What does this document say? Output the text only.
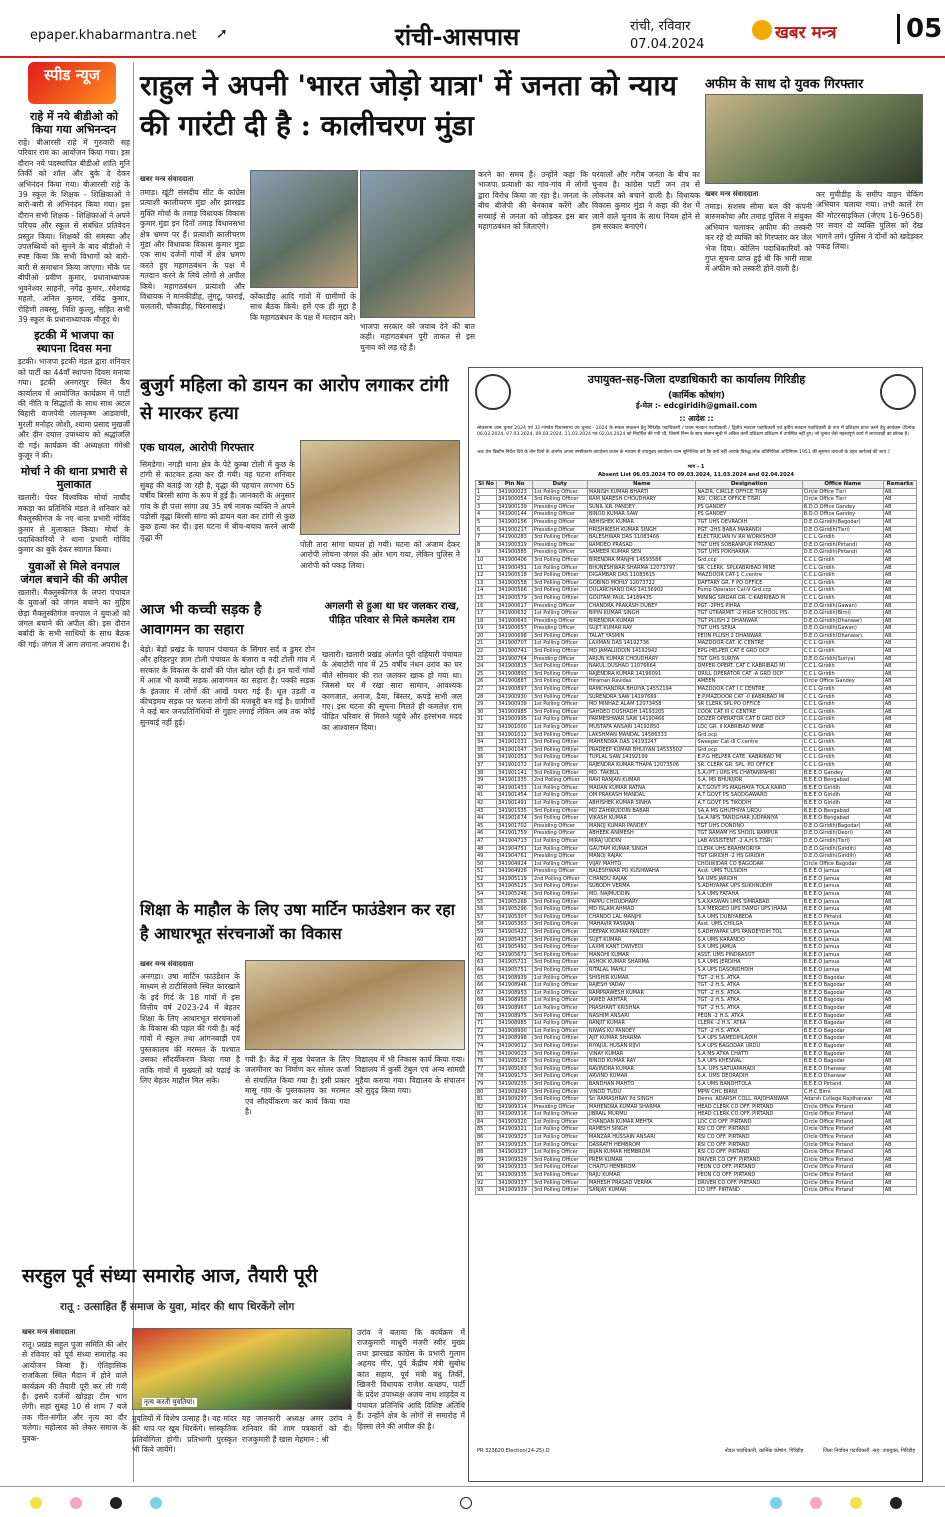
epaper.khabarmantra.net ➚	रांची-आसपास	रांची, रविवार
07.04.2024
खबर मन्त्र	05
स्पीड न्यूज
राहे में नये बीडीओ को किया गया अभिनन्दन

राहे। बीआरसी राहे में गुरुवारी सह परिवार राम का आयोजन किया गया। इस दौरान नये पदस्थापित बीडीओ शांति मुनि तिर्की को शॉल और बुके दे देकर अभिनंदन किया गया। बीआरसी राहे के 39 स्कूल के शिक्षक - शिक्षिकाओं ने बारी-बारी से अभिनंदन किया गया। इस दौरान सभी शिक्षक - शिक्षिकाओं ने अपने परिचय और स्कूल से संबंधित प्रतिवेदन प्रस्तुत किया। शिक्षकों की समस्या और उपलब्धियों को सुनने के बाद बीडीओ ने स्पष्ट किया कि सभी विभागों को बारी-बारी से समाधान किया जाएगा। मौके पर बीपीओ प्रवीण कुमार, प्रधानाध्यापक भुवनेश्वर साहनी, नगेंद्र कुमार, रमेशचंद्र महतो, अनिल कुमार, रविंद्र कुमार, रोहिणी तबस्सु, निशि कुल्लु, सहित सभी 39 स्कूल के प्रधानाध्यापक मौजूद थे।

इटकी में भाजपा का स्थापना दिवस मना

इटकी। भाजपा इटकी मंडल द्वारा शनिवार को पार्टी का 44वाँ स्थापना दिवस मनाया गया। इटकी अनगरपुर स्थित कैंप कार्यालय में आयोजित कार्यक्रम में पार्टी की नीति व सिद्धांतों के साथ साथ अटल बिहारी वाजपेयी लालकृष्ण आडवाणी, मुरली मनोहर जोशी, श्यामा प्रसाद मुखर्जी और दीन दयाल उपाध्याय को श्रद्धांजलि दी गई। कार्यक्रम की अध्यक्षता गंगेश्री कुजूर ने की।

मोर्चा ने की थाना प्रभारी से मुलाकात

खलारी। पेयर विश्वविक मोर्चा नाचौद मकड़ा का प्रतिनिधि मंडल ने शनिवार को मैक्लुस्कीगंज के नए थाना प्रभारी गोविंद कुमार से मुलाकात किया। मोर्चा के पदाधिकारियों ने थाना प्रभारी गोविंद कुमार का बुके देकर स्वागत किया।

युवाओं से मिले वनपाल जंगल बचाने की की अपील

खलारी। मैक्लुस्कीगंज के लपरा पंचायत के युवाओं को जंगल बचाने का मुहिम छेड़ा मैक्लुस्कीगंज वनपाल ने युवाओं को जंगल बचाने की अपील की। इस दौरान बर्बादी के सभी साथियों के साथ बैठक की गई। जंगल में आग लगाना अपराध है।

राहुल ने अपनी 'भारत जोड़ो यात्रा' में जनता को न्याय की गारंटी दी है : कालीचरण मुंडा
खबर मन्त्र संवाददाता
तमाड़। खूंटी संसदीय सीट के कांग्रेस प्रत्याशी कालीचरण मुंडा और झारखंड मुक्ति मोर्चा के तमाड़ विधायक विकास कुमार मुंडा इन दिनों तमाड़ विधानसभा क्षेत्र भ्रमण पर हैं। प्रत्याशी कालीचरण मुंडा और विधायक विकास कुमार मुंडा एक साथ दर्जनों गांवों में क्षेत्र भ्रमण करते हुए महागठबंधन के पक्ष में मतदान करने के लिये लोगों से अपील किये। महागठबंधन प्रत्याशी और विधायक ने मानकीडीह, लुंगटू, फाराई, चलतारी, चौकाडीह, चिरनासाई।
कोंकाडीह आदि गांवों में ग्रामीणों के साथ बैठक किये। हमें एक ही मुद्दा है कि महागठबंधन के पक्ष में मतदान करे।
भाजपा सरकार को जवाब देने की बात कही। महागठबंधन पूरी ताकत से इस चुनाव को लड़ रहे हैं।
करने का समय है। उन्होंने कहा कि भाजपा प्रत्याशी का गांव-गांव में लोगों द्वारा विरोध किया जा रहा है। जनता के बीच बीजेपी की बेनकाब करेंगे और सच्चाई से जनता को जोड़कर इस बार महागठबंधन को जिताएंगे।
घरवालों और गरीब जनता के बीच का चुनाव है। कांग्रेस पार्टी जन तंत्र से लोकतंत्र को बचाने वाली है। विधायक विकास कुमार मुंडा ने कहा की देश में जाने वाले चुनाव के साथ नियम होने से हम सरकार बनाएंगे।
अफीम के साथ दो युवक गिरफ्तार
खबर मन्त्र संवाददाता
तमाड़। सशस्त्र सीमा बल की कंपनी बारुमकोचा और तमाड़ पुलिस ने संयुक्त अभियान चलाकर अफीम की तस्करी कर रहे दो व्यक्ति को गिरफ्तार कर जेल भेज दिया। कोलिन पदाधिकारियों को गुप्त सूचना प्राप्त हुई थी कि भारी मात्रा में अफीम को तस्करी होने वाली है।
कर मुचीडीह के समीप वाहन चेकिंग अभियान चलाया गया। तभी कालें रंग की मोटरसाइकिल (जेएच 16-9658) पर सवार दो व्यक्ति पुलिस को देख भागने लगे। पुलिस ने दोनों को खदेड़कर पकड़ लिया।
बुजुर्ग महिला को डायन का आरोप लगाकर टांगी से मारकर हत्या
एक घायल, आरोपी गिरफ्तार
सिमडेगा। नगड़ी थाना क्षेत्र के पेटे कुम्बा टोली में कुछ के टांगी से काटकर हत्या कर दी गयी। वह घटना शनिवार सुबह की बताई जा रही है, वृद्धा की पहचान लगभग 65 वर्षीय बिरसी सांगा के रूप में हुई है। जानकारी के अनुसार गांव के ही पत्ता सांगा उम्र 35 वर्ष नामक व्यक्ति ने अपने पड़ोसी वृद्धा बिरसी सांगा को डायन बता कर टांगी से कुछ कुछ हत्या कर दी। इस घटना में बीच-बचाव करने आयी वृद्धा की
पोती तारा सांगा घायल हो गयी। घटना को अंजाम देकर आरोपी लोचना जंगल की ओर भाग गया, लेकिन पुलिस ने आरोपी को पकड़ लिया।
आज भी कच्ची सड़क है आवागमन का सहारा
बेड़ो। बेड़ो प्रखंड के चापान पंचायत के सिंगार सर्द व डुमर टोन और हरिहरपुर ज्ञाम टोली पंचायत के बंजारा व नदी टोली गांव में सरकार के विकास के दावों की पोल खोल रही है। इन चारों गांवों में आज भी कच्ची सड़क आवागमन का सहारा है। पक्की सड़क के इंतजार में लोगों की आंखें पथरा गई हैं। धूल उड़ती व कीचड़मय सड़क पर चलना लोगों की मजबूरी बन गई है। ग्रामीणों ने कई बार जनप्रतिनिधियों से गुहार लगाई लेकिन अब तक कोई सुनवाई नहीं हुई।
अगलगी से हुआ था घर जलकर राख, पीड़ित परिवार से मिले कमलेश राम
खलारी। खलारी प्रखंड अंतर्गत पूरी दहियारी पंचायत के अंबाटोरी गांव में 25 वर्षीय नंधन उरांव का घर बीते सोमवार की रात जलकर खाक हो गया था। जिससे घर में रखा सारा सामान, आवश्यक कागजात, अनाज, ढैया, बिस्तर, कपड़े सभी जल गए। इस घटना की सूचना मिलते ही कमलेश राम पीड़ित परिवार से मिलने पहुंचे और हरसंभव मदद का आश्वासन दिया।
शिक्षा के माहौल के लिए उषा मार्टिन फाउंडेशन कर रहा है आधारभूत संरचनाओं का विकास
खबर मन्त्र संवाददाता
अनगड़ा। उषा मार्टिन फाउंडेशन के माध्यम से टाटीसिलवे स्थित कारखाने के इर्द गिर्द के 18 गांवों में इस वित्तीय वर्ष 2023-24 में बेहतर शिक्षा के लिए आधारभूत संरचनाओं के विकास की पहल की गयी है। कई गांवों में स्कूल तथा आंगनबाड़ी एवं पुस्तकालय की मरम्मत के पश्चात उसका सौंदर्यीकरण किया गया है ताकि गांवों में मुख्यतों को पढ़ाई के लिए बेहतर माहौल मिल सके।
गयी है। केंद्र में सुख पेयजल के लिए जलमीनार का निर्माण कर सोलर ऊर्जा से संचालित किया गया है। इसी प्रकार मासू गांव के पुस्तकालय का मरम्मत एवं सौंदर्यीकरण कर कार्य किया गया है।
विद्यालय में भी निकास कार्य किया गया। विद्यालय में कुर्सी टेबुल एवं अन्य सामग्री मुहैया कराया गया। विद्यालय के संचालन को सुदृढ़ किया गया।
सरहुल पूर्व संध्या समारोह आज, तैयारी पूरी
रातू : उत्साहित हैं समाज के युवा, मांदर की थाप थिरकेंगे लोग
खबर मन्त्र संवाददाता
रातू। प्रखंड सहूल पूजा समिति की ओर से रविवार को पूर्व संध्या समारोह का आयोजन किया है। ऐतिहासिक राजकिला स्थित मैदान में होने वाले कार्यक्रम की तैयारी पूरी कर ली गयी है। इसमें दर्जनों खोड़हा टीम भाग लेगी। सहां सुबह 10 से शाम 7 बजे तक गीत-संगीत और नृत्य का दौर चलेगा। महोत्सव को लेकर समाज के युवक-
नृत्य करती युवतियां।
युवतियों में विशेष उत्साह है। वह मांदर की थाप पर खूब थिरकेंगे। सांस्कृतिक प्रतियोगिता होगी। प्रतिभागी पुरस्कृत भी किये जायेंगे।
यह जानकारी अध्यक्ष अमर उरांव ने शनिवार की शाम पत्रकारों को दी। राजकुमारी हैं खास मेहमान : श्री
उरांव ने बताया कि कार्यक्रम में राजकुमारी माधुरी मंजरी स्वीर मुख्य तथा झारखंड कांग्रेस के प्रभारी गुलाम अहमद मीर, पूर्व केंद्रीय मंत्री सुबोध कांत सहाय, पूर्व मंत्री बंधु तिर्की, खिजरी विधायक राजेश कच्छप, पार्टी के प्रदेश उपाध्यक्ष अजय नाथ शाहदेव व पंचायत प्रतिनिधि आदि विशिष्ट अतिथि हैं। उन्होंने क्षेत्र के लोगों से समारोह में हिस्सा लेने की अपील की है।
उपायुक्त-सह-जिला दण्डाधिकारी का कार्यालय गिरिडीह
(कार्मिक कोषांग)
ई-मेल :- edcgiridih@gmail.com
:: आदेश ::
लोकसभा आम चुनाव 2024 एवं 31-गाण्डेय विधानसभा उप चुनाव - 2024 के सफल संचालन हेतु गिरिडीह पदाधिकारी / प्रथम मतदान पदाधिकारी / द्वितीय मतदान पदाधिकारी एवं तृतीय मतदान पदाधिकारी के रूप में प्रशिक्षण प्राप्त करने हेतु कार्यक्रम (दिनांक 06.03.2024, 07.03.2024, 09.03.2024, 11.03.2024 एवं 02.04.2024 को निर्धारित की गयी थी, जिसमें निम्न के साथ संलग्न सूची में अंकित कर्मी प्रशिक्षण प्रशिक्षण में उपस्थित नहीं हुए। जो चुनाव जैसे महत्त्वपूर्ण कार्य में लापरवाही का द्योतक है।
अतः प्रेरा विद्याीन निर्देश दिये के तीन दिनों के अंतर्गत अपना स्पष्टीकरण कार्यालय प्रधान के माध्यम से उपायुक्त कार्यालय ध्यान सुनिश्चित करें कि क्यों नहीं आपके विरुद्ध लोक प्रतिनिधित्व अधिनियम 1951 की सुसंगत धाराओं के तहत कार्रवाई की जाय ?
भाग - 1
Absent List 06.03.2024 TO 09.03.2024, 11.03.2024 and 02.04.2024
Sl No	Pin No	Duty	Name	Designation	Office Name	Remarks
1	341900023	1st Polling Officer	MANISH KUMAR BHARTI	NAZIR, CIRCLE OFFICE TISRI	Circle Office Tisri	AB
2	341900054	3rd Polling Officer	RAM NARESH CHOUDHARY	RSI, CIRCLE OFFICE TISRI	Circle Office Tisri	AB
3	341900139	Presiding Officer	SUNIL KR. PANDEY	PS GANDEY	B.D.O Office Gandey	AB
4	341900144	Presiding Officer	BINOD KUMAR SAW	PS GANDEY	B.D.O Office Gandey	AB
5	341900156	Presiding Officer	ABHISHEK KUMAR	TGT UHS DEVRADIH	D.E.O.Giridih(Bagodar)	AB
6	341900217	Presiding Officer	HRISHIKESH KUMAR SINGH	PGT -2HS BABA MARANDI	D.E.O.Giridih(Tisri)	AB
7	341900283	3rd Polling Officer	BALESHWAR DAS 11083466	ELECTRICIAN IV RR WORKSHOP	C.C.L Giridih	AB
8	341900319	Presiding Officer	RAMDEO PRASAD	TGT UHS SOBRANPUR PIRTAND	D.E.O.Giridih(Pirtand)	AB
9	341900385	Presiding Officer	SAMEER KUMAR SEN	TGT UHS POKHARNA	D.E.O.Giridih(Pirtand)	AB
10	341900406	3rd Polling Officer	BIRENDRA MANJHI 14593586	Grd.ccp	C.C.L Giridih	AB
11	341900451	1st Polling Officer	BHUNESHWAR SHARMA 12073797	SR. CLERK. SPLKABRIBAD MINE	C.C.L Giridih	AB
12	341900518	3rd Polling Officer	DIGAMBAR DAS 11083615	MAZDOOR CAT-1 C.centre	C.C.L Giridih	AB
13	341900558	3rd Polling Officer	GOBIND MOHLY 12073722	DAFTARY GR. F PO OFFICE	C.C.L Giridih	AB
14	341900566	3rd Polling Officer	DULARCHAND DAS 14136902	Pump Operator Cat-V Grd.ccp	C.C.L Giridih	AB
15	341900579	3rd Polling Officer	GOUTAM PAUL 14189435	MINING SIRDAR GR. C KABRIBAD M	C.C.L Giridih	AB
16	341900617	Presiding Officer	CHANDRA PRAKASH DUBEY	PGT -2PHS PIHRA	D.E.O.Giridih(Gawan)	AB
17	341900632	1st Polling Officer	BIPIN KUMAR SINGH	TGT UTKARMIT -2 HIGH SCHOOL PIS	D.E.O.Giridih(Birni)	AB
18	341900643	Presiding Officer	BIRENDRA KUMAR	TGT PLUSH 2 DHANWAR	D.E.O.Giridih(Dhanwar)	AB
19	341900657	Presiding Officer	SUJIT KUMAR RAY	TGT UHS SERIA	D.E.O.Giridih(Gawan)	AB
20	341900698	3rd Polling Officer	TALAT YASMIN	PEON PLUSH 2 DHANWAR	D.E.O.Giridih(Dhanwar)	AB
21	341900707	1st Polling Officer	LAXMAN DAS 14192736	MAZDOOR CAT. IC CENTRE	C.C.L Giridih	AB
22	341900741	3rd Polling Officer	MD JAMALUDDIN 14192942	EPG HELPER CAT E GRD OCP	C.C.L Giridih	AB
23	341900764	Presiding Officer	ARJUN KUMAR CHOUDHARY	TGT GHS SURIYA	D.E.O.Giridih(Suriya)	AB
24	341900815	3rd Polling Officer	NAKUL DUSHAD 11076664	DMPER OPERT. CAT C KABRIBAD MI	C.C.L Giridih	AB
25	341900893	3rd Polling Officer	RAJENDRA KUMAR 14196091	DRILL OPERATOR CAT -A GRD OCP	C.C.L Giridih	AB
26	341900887	3rd Polling Officer	Hiraman Ravidas	AMEEN	Circle Office Gandey	AB
27	341900897	3rd Polling Officer	RAMCHANDRA BHUIYA 14552194	MAZDOOR CAT I C CENTRE	C.C.L Giridih	AB
28	341900930	3rd Polling Officer	SURENDRA SAW 14197669	E.P.MAZDOOR CAT -II KABRIBAD MI	C.C.L Giridih	AB
29	341900939	1st Polling Officer	MD MINHAZ ALAM 12073458	SR CLERK SPL PO OFFICE	C.C.L Giridih	AB
30	341900985	3rd Polling Officer	SAHDEO DUSHADH 14193205	COOK CAT III C CENTRE	C.C.L Giridih	AB
31	341900995	1st Polling Officer	PARMESHWAR SAW 14190466	DOZER OPERATOR CAT D GRD OCP	C.C.L Giridih	AB
32	341901000	1st Polling Officer	MUSTAFA ANSARI 14192850	LDC GR. II KABRIBAD MINE	C.C.L Giridih	AB
33	341901012	3rd Polling Officer	LAKSHMAN MANDAL 14586333	Grd.ocp	C.C.L Giridih	AB
34	341901031	3rd Polling Officer	MAHENDRA DAS 14193247	Sweeper Cat-III C.centre	C.C.L Giridih	AB
35	341901047	3rd Polling Officer	PRADEEP KUMAR BHUIYAN 14555502	Grd.ocp	C.C.L Giridih	AB
36	341901051	3rd Polling Officer	TUPLAL SAW 14192199	E.P.G HELPER CATE. KABRIBAD MI	C.C.L Giridih	AB
37	341901072	1st Polling Officer	RAJENDRA KUMAR THAPA 12073506	SR. CLERK GR. SPL. PO OFFICE	C.C.L Giridih	AB
38	341901141	3rd Polling Officer	MD. TAKBUL	S.A.(PT.) UPG PS CHATANIPAHRI	B.E.E.O Gandey	AB
39	341901335	2nd Polling Officer	RAVI RANJAN KUMAR	S.A. MS BHUKIJOR	B.E.E.O Bengabad	AB
40	341901433	1st Polling Officer	MADAN KUMAR RATNA	A.T.GOVT PS MAGHAYA TOLA KAIRO	B.E.E.O Giridih	AB
41	341901454	1st Polling Officer	OM PRAKASH MANDAL	A.T GOVT PS SADDGAWARO	B.E.E.O Giridih	AB
42	341901491	1st Polling Officer	ABHISHEK KUMAR SINHA	A.T GOVT PS TIKODIH	B.E.E.O Giridih	AB
43	341901535	3rd Polling Officer	MD ZAHIRUDDIN BABAR	SA.A MS GHUTHIYA URDU	B.E.E.O Bengabad	AB
44	341901674	3rd Polling Officer	VIKASH KUMAR	Sa.A NPS TANDGHAR JUDPANIYA	B.E.E.O Bengabad	AB
45	341901702	Presiding Officer	MANOJ KUMAR PANDEY	TGT UHS DONDNO	D.E.O.Giridih(Bagodar)	AB
46	341901759	Presiding Officer	ABHEEK ANIMESH	TGT RAMAM HS SHOOL RAMPUR	D.E.O.Giridih(Deori)	AB
47	341904713	1st Polling Officer	MIRAJ UDDIN	LAB ASSISTENT -2 A.H.S.TISRI	D.E.O.Giridih(Tisri)	AB
48	341904751	1st Polling Officer	GAUTAM KUMAR SINGH	CLERK UHS BRAHMORIYA	D.E.O.Giridih(Giridih)	AB
49	341904761	Presiding Officer	MANOJ RAJAK	TGT GIRIDIH -2 HS GIRIDIH	D.E.O.Giridih(Giridih)	AB
50	341904924	1st Polling Officer	VIJAY MAHTO	CHOUKIDAR CO BAGODAR	Circle Office Bagodar	AB
51	341904926	Presiding Officer	BALESHWAR PD KUSHWAHA	Asst. UMS TULSIDIH	B.E.E.O Jamua	AB
52	341905119	2nd Polling Officer	CHANDU RAJAK	SA UMS JARIDIH	B.E.E.O Jamua	AB
53	341905125	3rd Polling Officer	SUBODH VERMA	S.ADHYAPAK UPS SUKHNUDIH	B.E.E.O Jamua	AB
54	341905246	3rd Polling Officer	MD. NAJMUDDIN	S.A UMS FATAHA	B.E.E.O Jamua	AB
55	341905268	3rd Polling Officer	PAPPU CHOUDHARY	S.A.KASWAN UMS SIMRABAD	B.E.E.O Jamua	AB
56	341905296	3rd Polling Officer	MD ISLAM AHMAD	S.A MERGED UPS DAMGI UPS IHARA	B.E.E.O Jamua	AB
57	341905307	3rd Polling Officer	CHANDO LAL MANJHI	S.A UMS DUBIYABEDA	B.E.E.O Pirtand	AB
58	341905363	3rd Polling Officer	MAHAVIR PASWAN	Asst. UMS CHILGA	B.E.E.O Jamua	AB
59	341905422	3rd Polling Officer	DEEPAK KUMAR PANDEY	S.ADHYAPAK UPS PANDEYDIH TOL	B.E.E.O Jamua	AB
60	341905437	3rd Polling Officer	SUJIT KUMAR	S.A UMS KARANDO	B.E.E.O Jamua	AB
61	341905492	3rd Polling Officer	LAXMI KANT DWIVEDI	S.A UMS JAMUA	B.E.E.O Jamua	AB
62	341905672	3rd Polling Officer	MANOHI KUMAR	ASST. UMS PINDRASOT	B.E.E.O Jamua	AB
63	341905711	3rd Polling Officer	ASHOK KUMAR SHARMA	S.A UMS JERDIHA	B.E.E.O Jamua	AB
64	341905751	3rd Polling Officer	RITALAL MAHLI	S.A UPS DASONDHDIH	B.E.E.O Jamua	AB
65	341908939	1st Polling Officer	SHISHIR KUMAR	TGT -2 H.S. ATKA	B.E.E.O Bagodar	AB
66	341908946	1st Polling Officer	RAJESH YADAV	TGT -2 H.S. ATKA	B.E.E.O Bagodar	AB
67	341908953	1st Polling Officer	RAMPRAWESH KUMAR	TGT -2 H.S. ATKA	B.E.E.O Bagodar	AB
68	341908958	1st Polling Officer	JAWED AKHTAR	TGT -2 H.S. ATKA	B.E.E.O Bagodar	AB
69	341908967	1st Polling Officer	PRASHANT KRISHNA	TGT -2 H.S. ATKA	B.E.E.O Bagodar	AB
70	341908975	3rd Polling Officer	NASHIM ANSARI	PEON -2 H.S. ATKA	B.E.E.O Bagodar	AB
71	341908985	1st Polling Officer	RANJIT KUMAR	CLERK -2 H.S. ATKA	B.E.E.O Bagodar	AB
72	341908990	1st Polling Officer	NIWAS KU PANDEY	TGT -2 H.S. ATKA	B.E.E.O Bagodar	AB
73	341908998	3rd Polling Officer	AJIT KUMAR SHARMA	S.A UPS SAMEDIHLADIH	B.E.E.O Bagodar	AB
74	341909012	3rd Polling Officer	RIYAJUL HUSAN RIJVI	S.A UPS BAGODAR URDU	B.E.E.O Bagodar	AB
75	341909023	3rd Polling Officer	VINAY KUMAR	S.A MS ATKA CHATTI	B.E.E.O Bagodar	AB
76	341909128	3rd Polling Officer	BINOD KUMAR RAY	S.A UPS KHESNAL	B.E.E.O Bagodar	AB
77	341909163	3rd Polling Officer	RAVINDRA KUMAR	S.A. UPS SATUAPAHADI	B.E.E.O Dhanwar	AB
78	341909173	3rd Polling Officer	ARVIND KUMAR	S.A. UMS DEORADIH	B.E.E.O Dhanwar	AB
79	341909235	3rd Polling Officer	BANDHAN MAHTO	S.A UMS BANDHTOLA	B.E.E.O Pirtand	AB
80	341909249	3rd Polling Officer	VINOD TUDU	MPW CHC BIRNI	C.H.C Birni	AB
81	341909297	3rd Polling Officer	Sri RAMASHRAY Pd SINGH	Demo. ADARSH COLL. RAJDHANWAR	Adarsh College Rajdhanwar	AB
82	341909314	Presiding Officer	MAHENDRA KUMAR SHARMA	HEAD CLERK CO OFF. PIRTAND	Circle Office Pirtand	AB
83	341909316	1st Polling Officer	JIBRAIL MURMU	HEAD CLERK CO OFF. PIRTAND	Circle Office Pirtand	AB
84	341909320	1st Polling Officer	CHANDAN KUMAR MEHTA	LDC CO OFF. PIRTAND	Circle Office Pirtand	AB
85	341909321	1st Polling Officer	RAMESH SINGH	RSI CO OFF. PIRTAND	Circle Office Pirtand	AB
86	341909323	1st Polling Officer	MANZAR HUSSAIN ANSARI	RSI CO OFF. PIRTAND	Circle Office Pirtand	AB
87	341909325	1st Polling Officer	DASRATH HEMBROM	RSI CO OFF. PIRTAND	Circle Office Pirtand	AB
88	341909327	1st Polling Officer	BIJAN KUMAR HEMBROM	RSI CO OFF. PIRTAND	Circle Office Pirtand	AB
89	341909329	3rd Polling Officer	PREM KUMAR	DRIVER CO OFF. PIRTAND	Circle Office Pirtand	AB
90	341909333	3rd Polling Officer	CHAITU HEMBROM	PEON CO OFF. PIRTAND	Circle Office Pirtand	AB
91	341909335	3rd Polling Officer	RAJU KUMAR	PEON CO OFF. PIRTAND	Circle Office Pirtand	AB
92	341909337	3rd Polling Officer	MAHESH PRASAD VERMA	DRIVER CO OFF. PIRTAND	Circle Office Pirtand	AB
93	341909339	3rd Polling Officer	SANJAY KUMAR	CO OFF. PIRTAND	Circle Office Pirtand	AB
PR 323620 Election(24-25).D	नोडल पदाधिकारी, कार्मिक कोषांग, गिरिडीह	जिला निर्वाचन पदाधिकारी -सह- उपायुक्त, गिरिडीह
